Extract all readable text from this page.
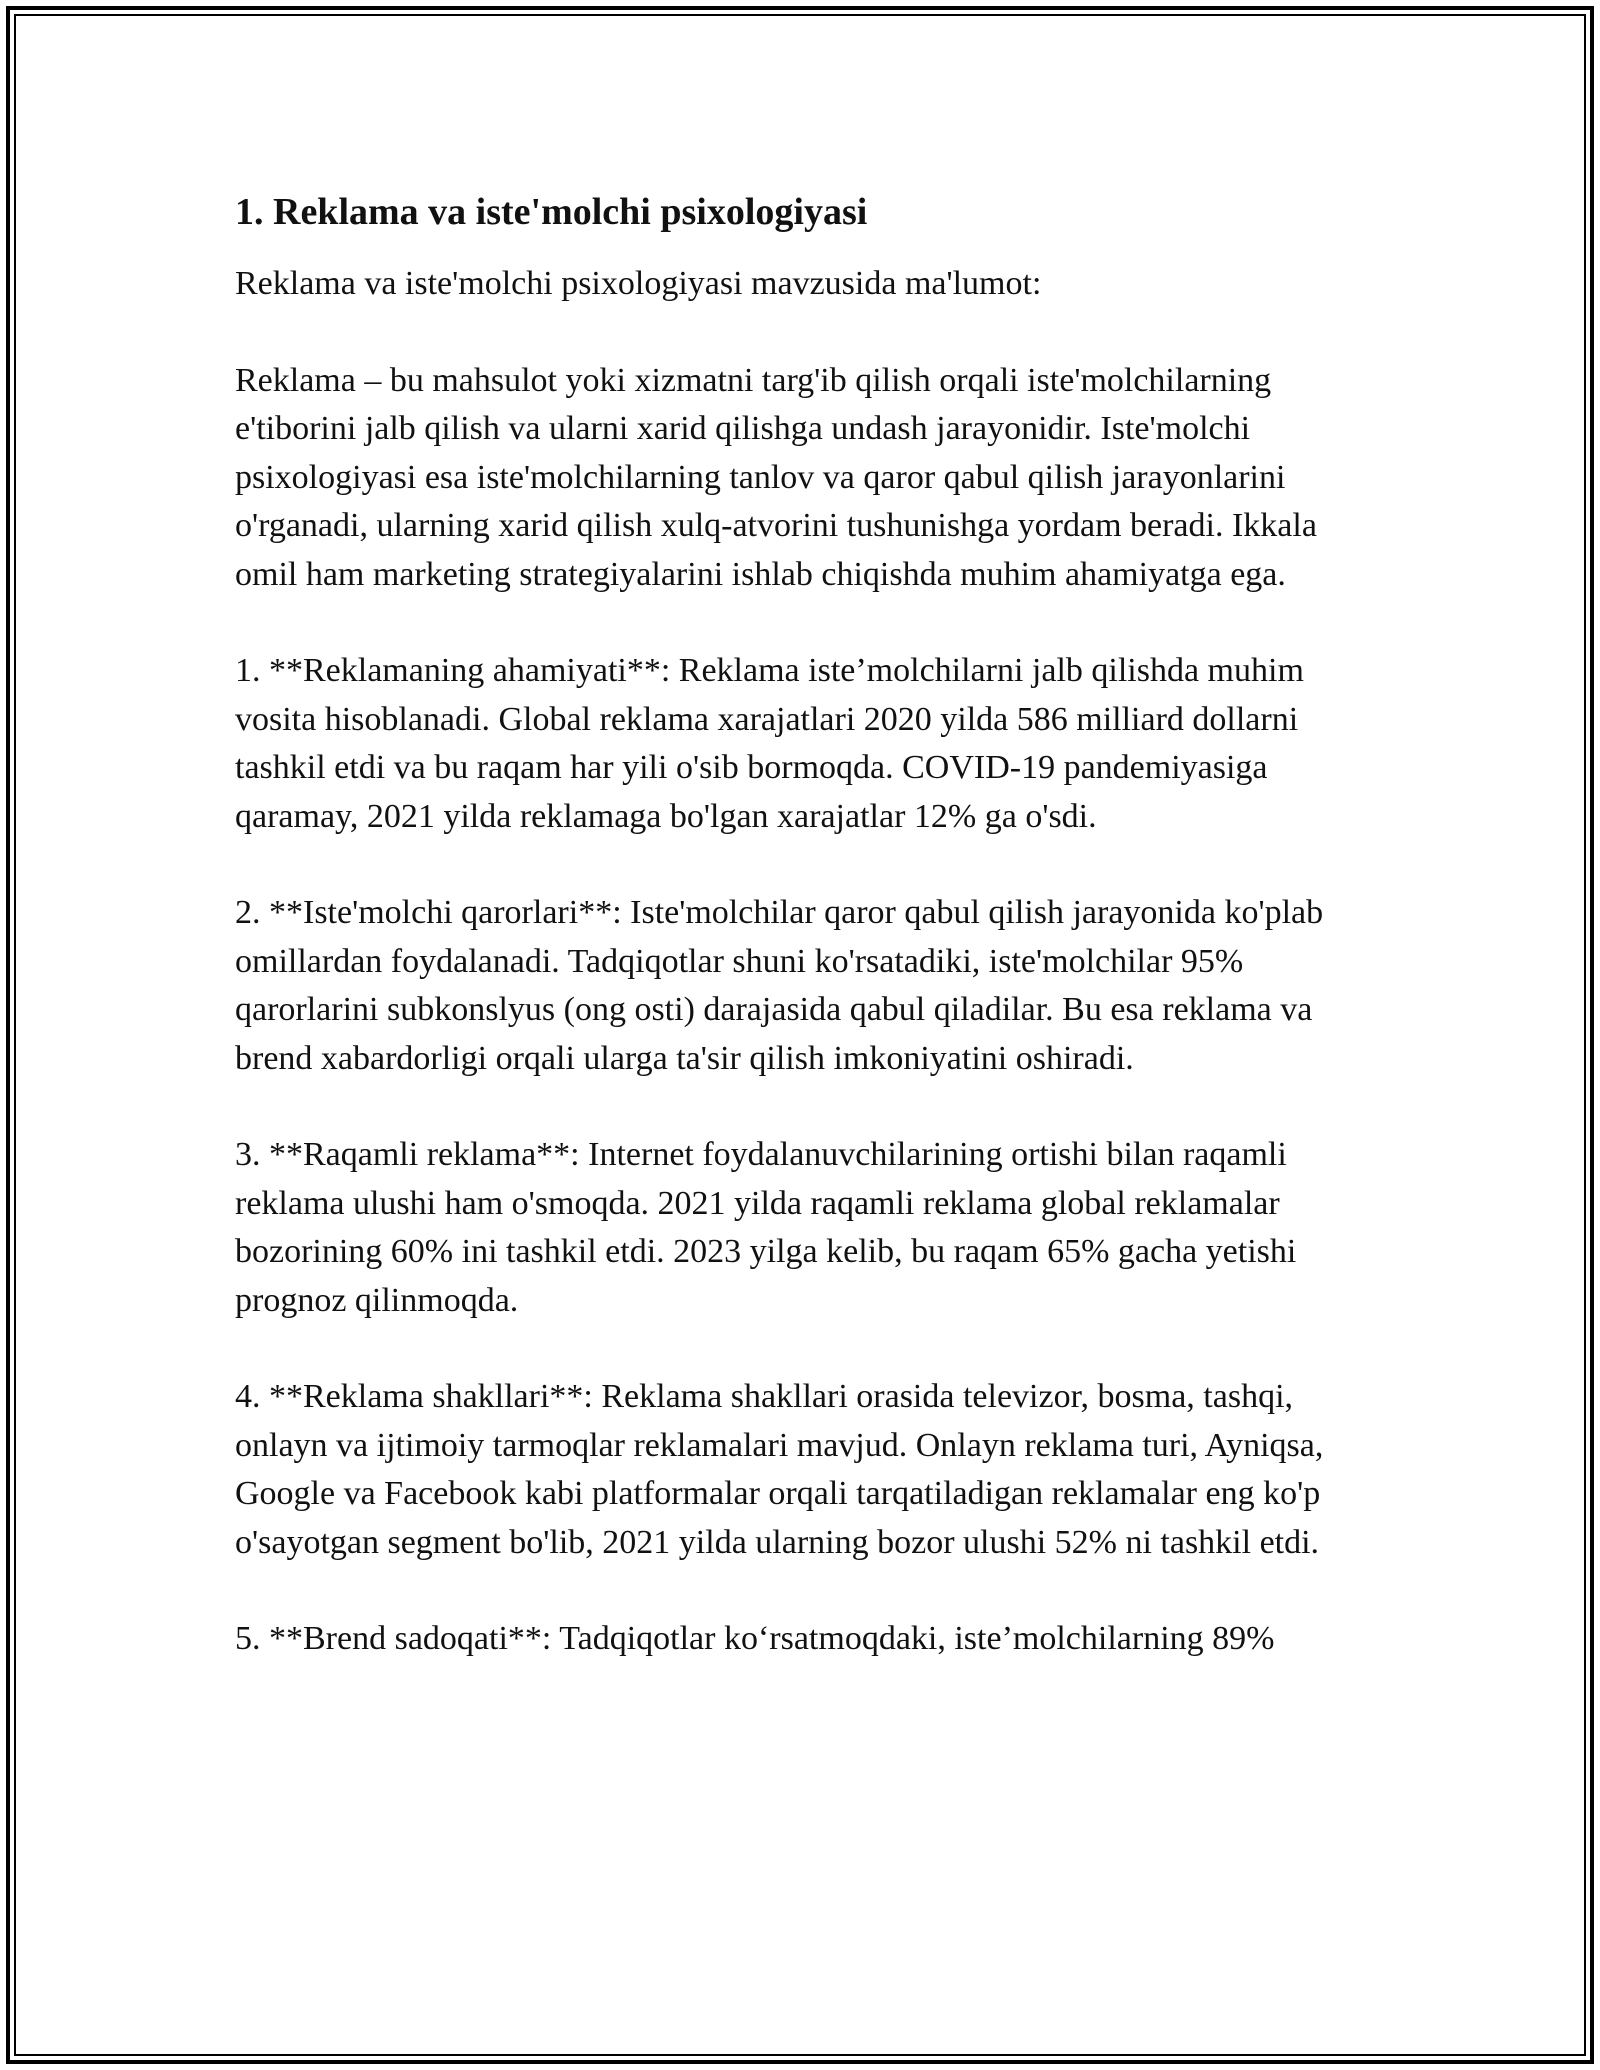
1. Reklama va iste'molchi psixologiyasi

Reklama va iste'molchi psixologiyasi mavzusida ma'lumot:

Reklama – bu mahsulot yoki xizmatni targ'ib qilish orqali iste'molchilarning e'tiborini jalb qilish va ularni xarid qilishga undash jarayonidir. Iste'molchi psixologiyasi esa iste'molchilarning tanlov va qaror qabul qilish jarayonlarini o'rganadi, ularning xarid qilish xulq-atvorini tushunishga yordam beradi. Ikkala omil ham marketing strategiyalarini ishlab chiqishda muhim ahamiyatga ega.

1. **Reklamaning ahamiyati**: Reklama iste’molchilarni jalb qilishda muhim vosita hisoblanadi. Global reklama xarajatlari 2020 yilda 586 milliard dollarni tashkil etdi va bu raqam har yili o'sib bormoqda. COVID-19 pandemiyasiga qaramay, 2021 yilda reklamaga bo'lgan xarajatlar 12% ga o'sdi.

2. **Iste'molchi qarorlari**: Iste'molchilar qaror qabul qilish jarayonida ko'plab omillardan foydalanadi. Tadqiqotlar shuni ko'rsatadiki, iste'molchilar 95% qarorlarini subkonslyus (ong osti) darajasida qabul qiladilar. Bu esa reklama va brend xabardorligi orqali ularga ta'sir qilish imkoniyatini oshiradi.

3. **Raqamli reklama**: Internet foydalanuvchilarining ortishi bilan raqamli reklama ulushi ham o'smoqda. 2021 yilda raqamli reklama global reklamalar bozorining 60% ini tashkil etdi. 2023 yilga kelib, bu raqam 65% gacha yetishi prognoz qilinmoqda.

4. **Reklama shakllari**: Reklama shakllari orasida televizor, bosma, tashqi, onlayn va ijtimoiy tarmoqlar reklamalari mavjud. Onlayn reklama turi, Ayniqsa, Google va Facebook kabi platformalar orqali tarqatiladigan reklamalar eng ko'p o'sayotgan segment bo'lib, 2021 yilda ularning bozor ulushi 52% ni tashkil etdi.

5. **Brend sadoqati**: Tadqiqotlar ko‘rsatmoqdaki, iste’molchilarning 89%
